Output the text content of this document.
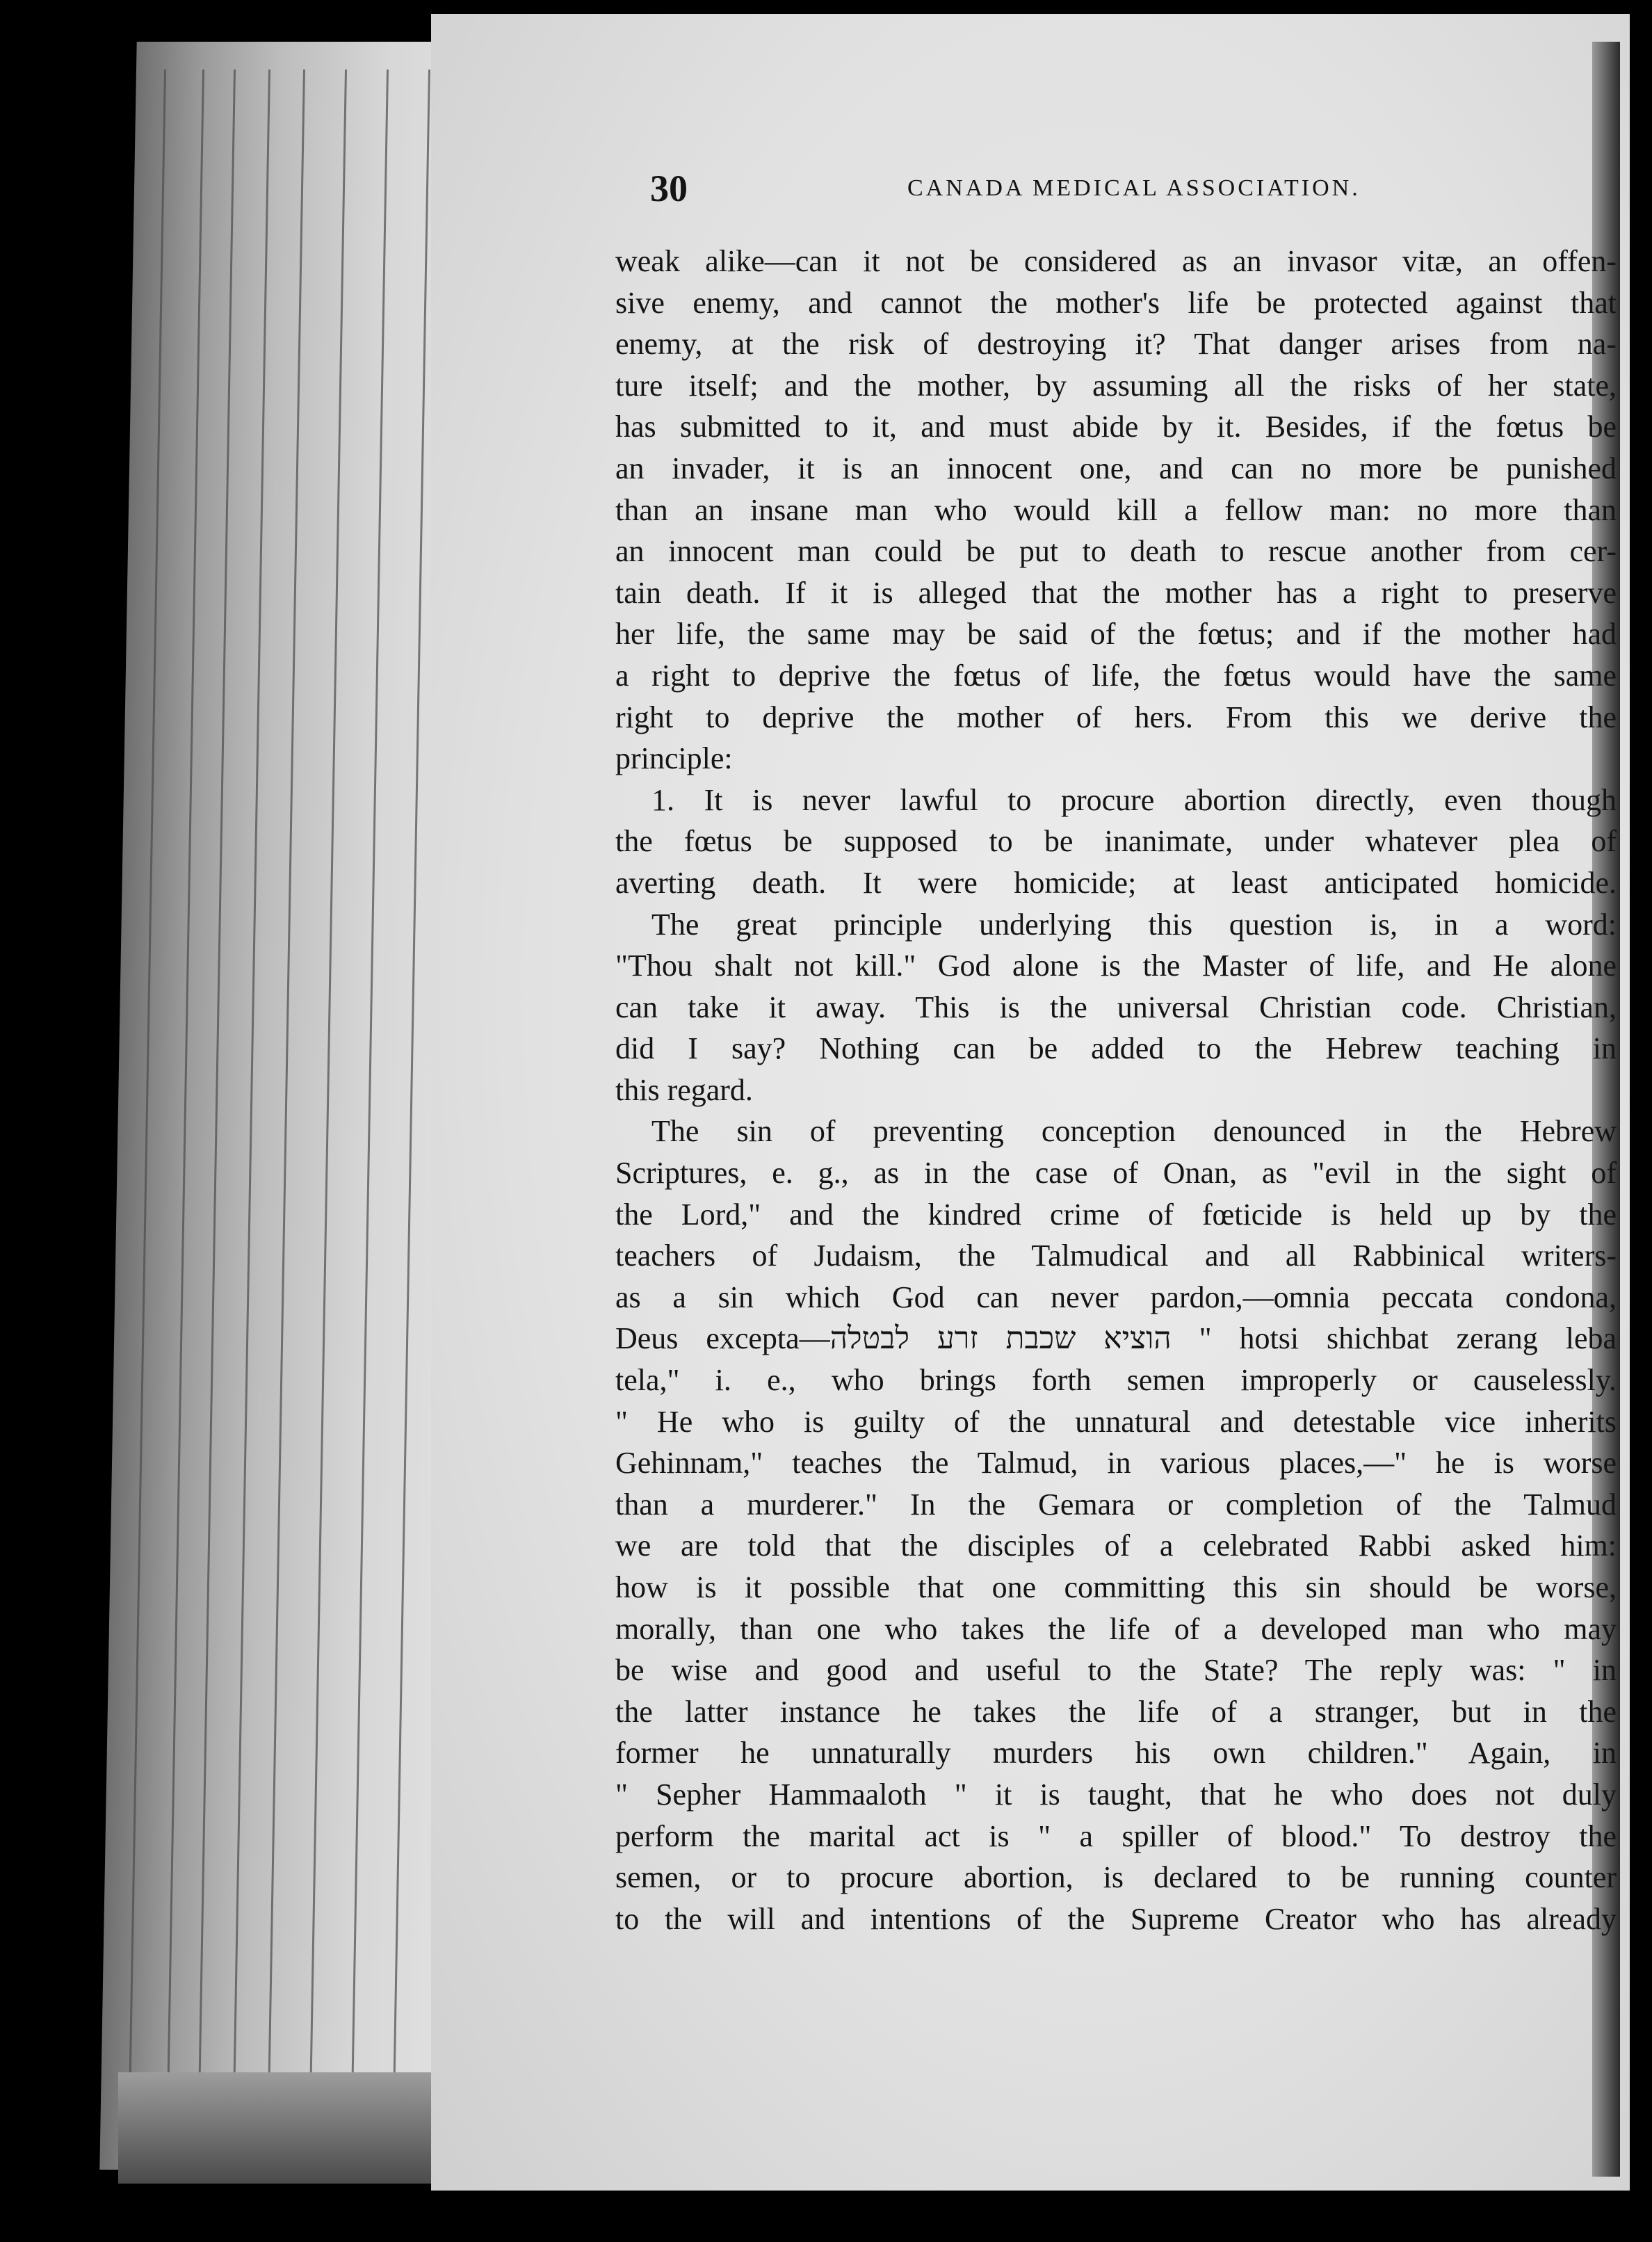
30	CANADA MEDICAL ASSOCIATION.
weak alike—can it not be considered as an invasor vitæ, an offen-
sive enemy, and cannot the mother's life be protected against that
enemy, at the risk of destroying it? That danger arises from na-
ture itself; and the mother, by assuming all the risks of her state,
has submitted to it, and must abide by it. Besides, if the fœtus be
an invader, it is an innocent one, and can no more be punished
than an insane man who would kill a fellow man: no more than
an innocent man could be put to death to rescue another from cer-
tain death. If it is alleged that the mother has a right to preserve
her life, the same may be said of the fœtus; and if the mother had
a right to deprive the fœtus of life, the fœtus would have the same
right to deprive the mother of hers. From this we derive the
principle:
1. It is never lawful to procure abortion directly, even though
the fœtus be supposed to be inanimate, under whatever plea of
averting death. It were homicide; at least anticipated homicide.
The great principle underlying this question is, in a word:
"Thou shalt not kill." God alone is the Master of life, and He alone
can take it away. This is the universal Christian code. Christian,
did I say? Nothing can be added to the Hebrew teaching in
this regard.
The sin of preventing conception denounced in the Hebrew
Scriptures, e. g., as in the case of Onan, as "evil in the sight of
the Lord," and the kindred crime of fœticide is held up by the
teachers of Judaism, the Talmudical and all Rabbinical writers-
as a sin which God can never pardon,—omnia peccata condona,
Deus excepta—הוציא שכבת זרע לבטלה " hotsi shichbat zerang leba
tela," i. e., who brings forth semen improperly or causelessly.
" He who is guilty of the unnatural and detestable vice inherits
Gehinnam," teaches the Talmud, in various places,—" he is worse
than a murderer." In the Gemara or completion of the Talmud
we are told that the disciples of a celebrated Rabbi asked him:
how is it possible that one committing this sin should be worse,
morally, than one who takes the life of a developed man who may
be wise and good and useful to the State? The reply was: " in
the latter instance he takes the life of a stranger, but in the
former he unnaturally murders his own children." Again, in
" Sepher Hammaaloth " it is taught, that he who does not duly
perform the marital act is " a spiller of blood." To destroy the
semen, or to procure abortion, is declared to be running counter
to the will and intentions of the Supreme Creator who has already
